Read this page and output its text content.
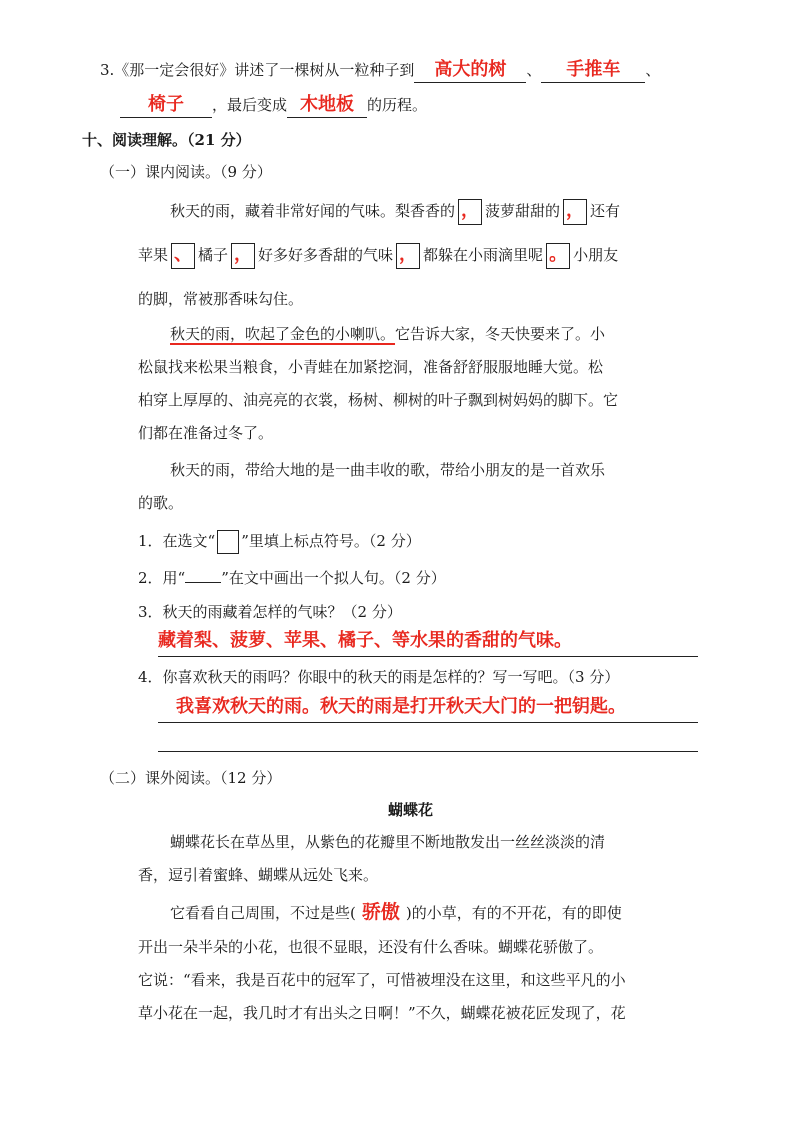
3.《那一定会很好》讲述了一棵树从一粒种子到 高大的树 、 手推车 、
椅子 ，最后变成 木地板 的历程。
十、阅读理解。（21 分）
（一）课内阅读。（9 分）
秋天的雨，藏着非常好闻的气味。梨香香的 ， 菠萝甜甜的 ， 还有
苹果 、 橘子 ， 好多好多香甜的气味 ， 都躲在小雨滴里呢 。 小朋友
的脚，常被那香味勾住。
秋天的雨，吹起了金色的小喇叭。它告诉大家，冬天快要来了。小
松鼠找来松果当粮食，小青蛙在加紧挖洞，准备舒舒服服地睡大觉。松
柏穿上厚厚的、油亮亮的衣裳，杨树、柳树的叶子飘到树妈妈的脚下。它
们都在准备过冬了。
秋天的雨，带给大地的是一曲丰收的歌，带给小朋友的是一首欢乐
的歌。
1．在选文“ ”里填上标点符号。（2 分）
2．用“ ”在文中画出一个拟人句。（2 分）
3．秋天的雨藏着怎样的气味？（2 分）
藏着梨、菠萝、苹果、橘子、等水果的香甜的气味。
4．你喜欢秋天的雨吗？你眼中的秋天的雨是怎样的？写一写吧。（3 分）
我喜欢秋天的雨。秋天的雨是打开秋天大门的一把钥匙。
（二）课外阅读。（12 分）
蝴蝶花
蝴蝶花长在草丛里，从紫色的花瓣里不断地散发出一丝丝淡淡的清
香，逗引着蜜蜂、蝴蝶从远处飞来。
它看看自己周围，不过是些( 骄傲 )的小草，有的不开花，有的即使
开出一朵半朵的小花，也很不显眼，还没有什么香味。蝴蝶花骄傲了。
它说：“看来，我是百花中的冠军了，可惜被埋没在这里，和这些平凡的小
草小花在一起，我几时才有出头之日啊！”不久，蝴蝶花被花匠发现了，花
